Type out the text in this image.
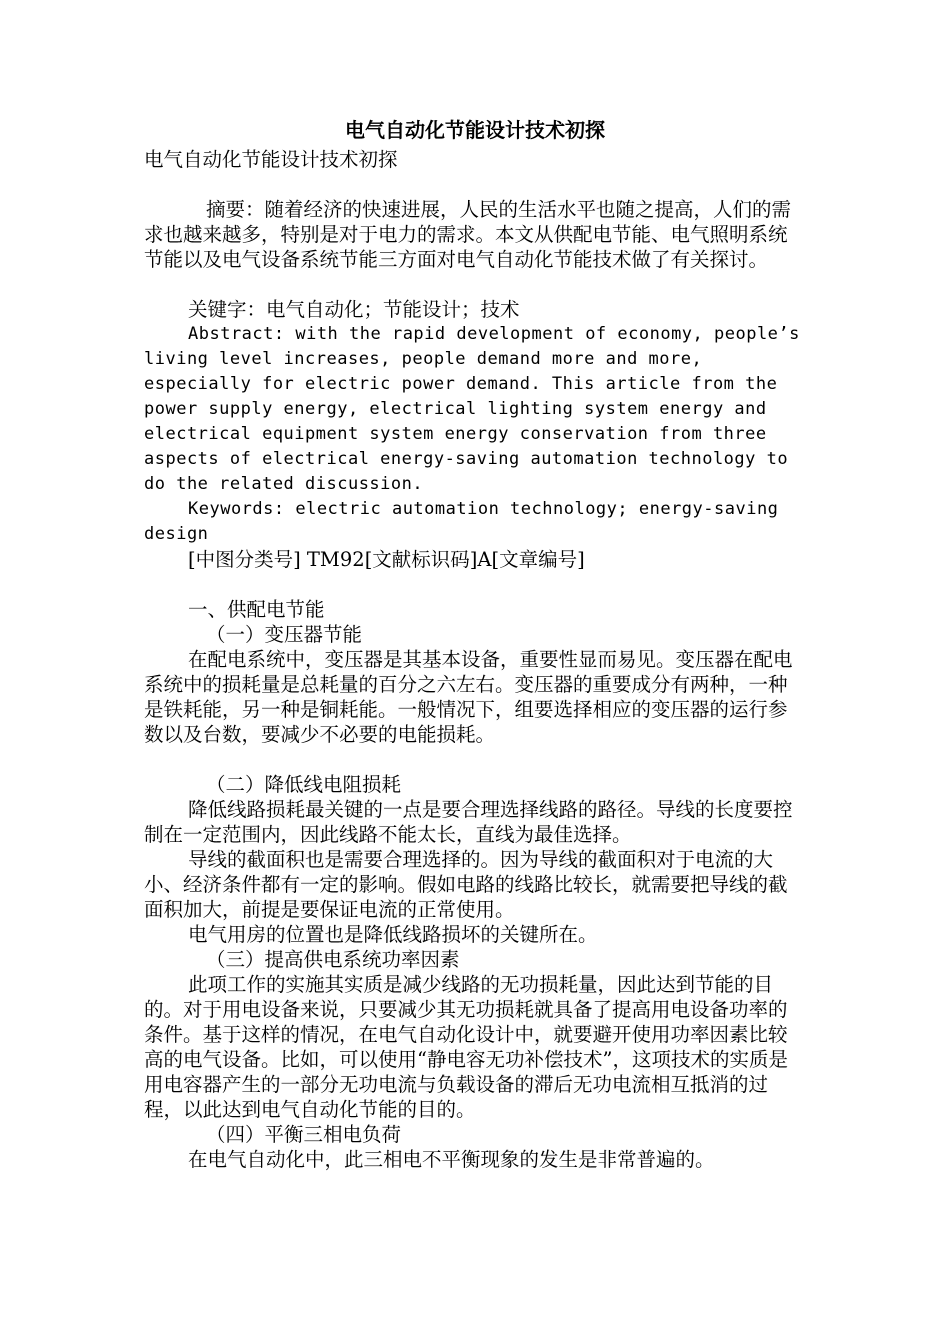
电气自动化节能设计技术初探

电气自动化节能设计技术初探

摘要：随着经济的快速进展，人民的生活水平也随之提高，人们的需求也越来越多，特别是对于电力的需求。本文从供配电节能、电气照明系统节能以及电气设备系统节能三方面对电气自动化节能技术做了有关探讨。

关键字：电气自动化；节能设计；技术

Abstract: with the rapid development of economy, people’s living level increases, people demand more and more, especially for electric power demand. This article from the power supply energy, electrical lighting system energy and electrical equipment system energy conservation from three aspects of electrical energy-saving automation technology to do the related discussion.

Keywords: electric automation technology; energy-saving design

[中图分类号] TM92[文献标识码]A[文章编号]

一、供配电节能

（一）变压器节能

在配电系统中，变压器是其基本设备，重要性显而易见。变压器在配电系统中的损耗量是总耗量的百分之六左右。变压器的重要成分有两种，一种是铁耗能，另一种是铜耗能。一般情况下，组要选择相应的变压器的运行参数以及台数，要减少不必要的电能损耗。

（二）降低线电阻损耗

降低线路损耗最关键的一点是要合理选择线路的路径。导线的长度要控制在一定范围内，因此线路不能太长，直线为最佳选择。

导线的截面积也是需要合理选择的。因为导线的截面积对于电流的大小、经济条件都有一定的影响。假如电路的线路比较长，就需要把导线的截面积加大，前提是要保证电流的正常使用。

电气用房的位置也是降低线路损坏的关键所在。

（三）提高供电系统功率因素

此项工作的实施其实质是减少线路的无功损耗量，因此达到节能的目的。对于用电设备来说，只要减少其无功损耗就具备了提高用电设备功率的条件。基于这样的情况，在电气自动化设计中，就要避开使用功率因素比较高的电气设备。比如，可以使用“静电容无功补偿技术”，这项技术的实质是用电容器产生的一部分无功电流与负载设备的滞后无功电流相互抵消的过程，以此达到电气自动化节能的目的。

（四）平衡三相电负荷

在电气自动化中，此三相电不平衡现象的发生是非常普遍的。
